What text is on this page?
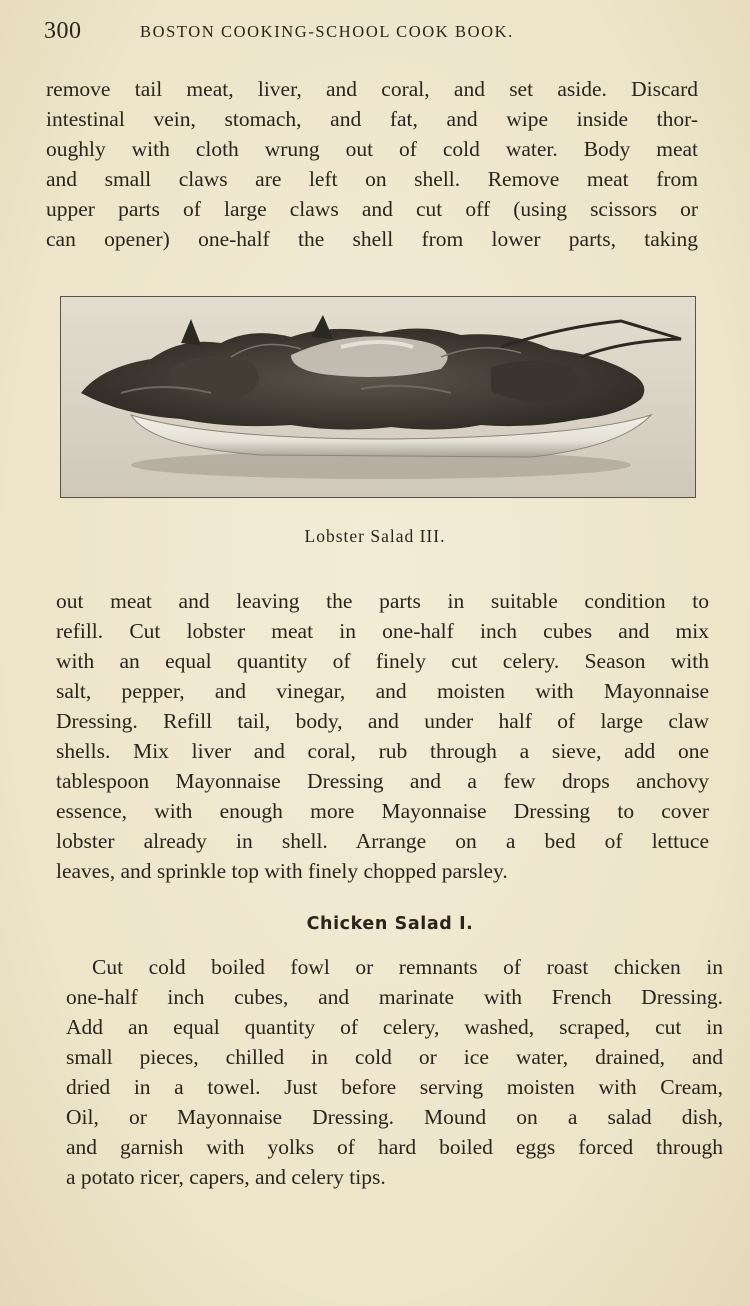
300	BOSTON COOKING-SCHOOL COOK BOOK.
remove tail meat, liver, and coral, and set aside. Discard
intestinal vein, stomach, and fat, and wipe inside thor-
oughly with cloth wrung out of cold water. Body meat
and small claws are left on shell. Remove meat from
upper parts of large claws and cut off (using scissors or
can opener) one-half the shell from lower parts, taking
Lobster Salad III.
out meat and leaving the parts in suitable condition to
refill. Cut lobster meat in one-half inch cubes and mix
with an equal quantity of finely cut celery. Season with
salt, pepper, and vinegar, and moisten with Mayonnaise
Dressing. Refill tail, body, and under half of large claw
shells. Mix liver and coral, rub through a sieve, add one
tablespoon Mayonnaise Dressing and a few drops anchovy
essence, with enough more Mayonnaise Dressing to cover
lobster already in shell. Arrange on a bed of lettuce
leaves, and sprinkle top with finely chopped parsley.
Chicken Salad I.
Cut cold boiled fowl or remnants of roast chicken in
one-half inch cubes, and marinate with French Dressing.
Add an equal quantity of celery, washed, scraped, cut in
small pieces, chilled in cold or ice water, drained, and
dried in a towel. Just before serving moisten with Cream,
Oil, or Mayonnaise Dressing. Mound on a salad dish,
and garnish with yolks of hard boiled eggs forced through
a potato ricer, capers, and celery tips.
